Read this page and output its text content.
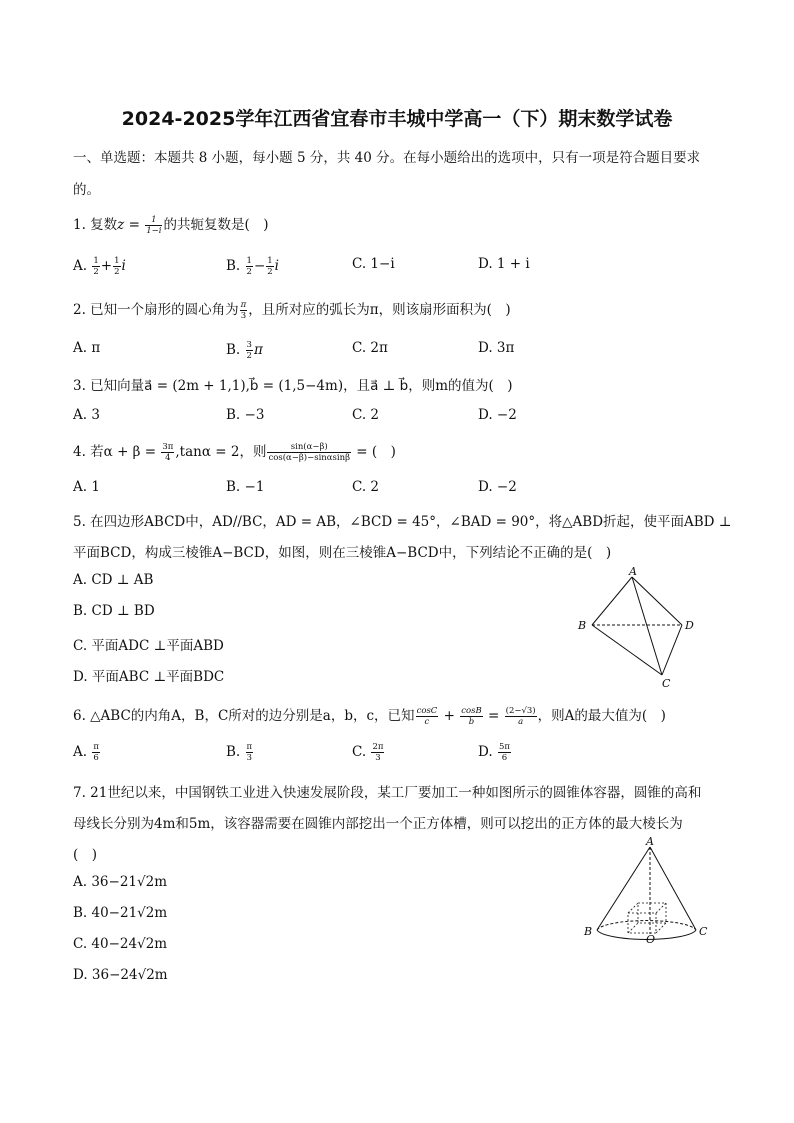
2024-2025学年江西省宜春市丰城中学高一（下）期末数学试卷
一、单选题：本题共 8 小题，每小题 5 分，共 40 分。在每小题给出的选项中，只有一项是符合题目要求
的。
1. 复数$z = \frac{1}{1-i}$ 的共轭复数是(　)
A. $\frac{1}{2} + \frac{1}{2}$ i	B. $\frac{1}{2} - \frac{1}{2}$ i	C. 1−i	D. 1 + i
2. 已知一个扇形的圆心角为 $\frac{\pi}{3}$ ，且所对应的弧长为π，则该扇形面积为(　)
A. π	B. $\frac{3}{2}$ π	C. 2π	D. 3π
3. 已知向量a⃗ = (2m + 1,1),b⃗ = (1,5−4m)，且a⃗ ⊥ b⃗，则m的值为(　)
A. 3	B. −3	C. 2	D. −2
4. 若$\alpha + \beta = \frac{3\pi}{4} ,\tan\alpha = 2$，则 $\frac{\sin(\alpha-\beta)}{\cos(\alpha-\beta)-\sin\alpha\sin\beta}$ = (　)
A. 1	B. −1	C. 2	D. −2
5. 在四边形ABCD中，AD//BC，AD = AB，∠BCD = 45°，∠BAD = 90°，将△ABD折起，使平面ABD ⊥
平面BCD，构成三棱锥A−BCD，如图，则在三棱锥A−BCD中，下列结论不正确的是(　)
A. CD ⊥ AB
B. CD ⊥ BD
C. 平面ADC ⊥平面ABD
D. 平面ABC ⊥平面BDC
A
B	D
C
6. △ABC的内角A，B，C所对的边分别是a，b，c，已知 $\frac{\cos C}{c} + \frac{\cos B}{b} = \frac{(2-√3)}{a}$ ，则A的最大值为(　)
A. $\frac{\pi}{6}$	B. $\frac{\pi}{3}$	C. $\frac{2\pi}{3}$	D. $\frac{5\pi}{6}$
7. 21世纪以来，中国钢铁工业进入快速发展阶段，某工厂要加工一种如图所示的圆锥体容器，圆锥的高和
母线长分别为4m和5m，该容器需要在圆锥内部挖出一个正方体槽，则可以挖出的正方体的最大棱长为
(　)
A. 36−21√2m
B. 40−21√2m
C. 40−24√2m
D. 36−24√2m
A
B	C
O
